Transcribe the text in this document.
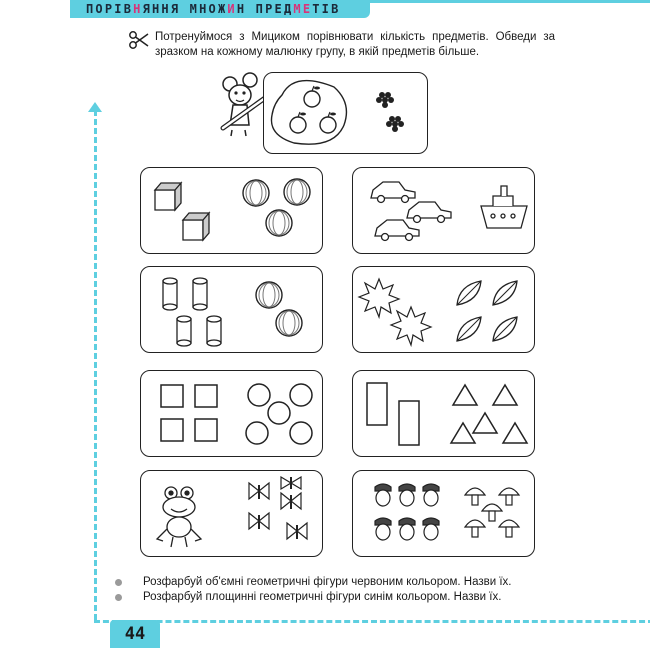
ПОРІВНЯННЯ МНОЖИН ПРЕДМЕТІВ

Потренуймося з Мициком порівнювати кількість предметів. Обведи за зразком на кожному малюнку групу, в якій предметів більше.

Розфарбуй об'ємні геометричні фігури червоним кольором. Назви їх.
Розфарбуй площинні геометричні фігури синім кольором. Назви їх.
44
